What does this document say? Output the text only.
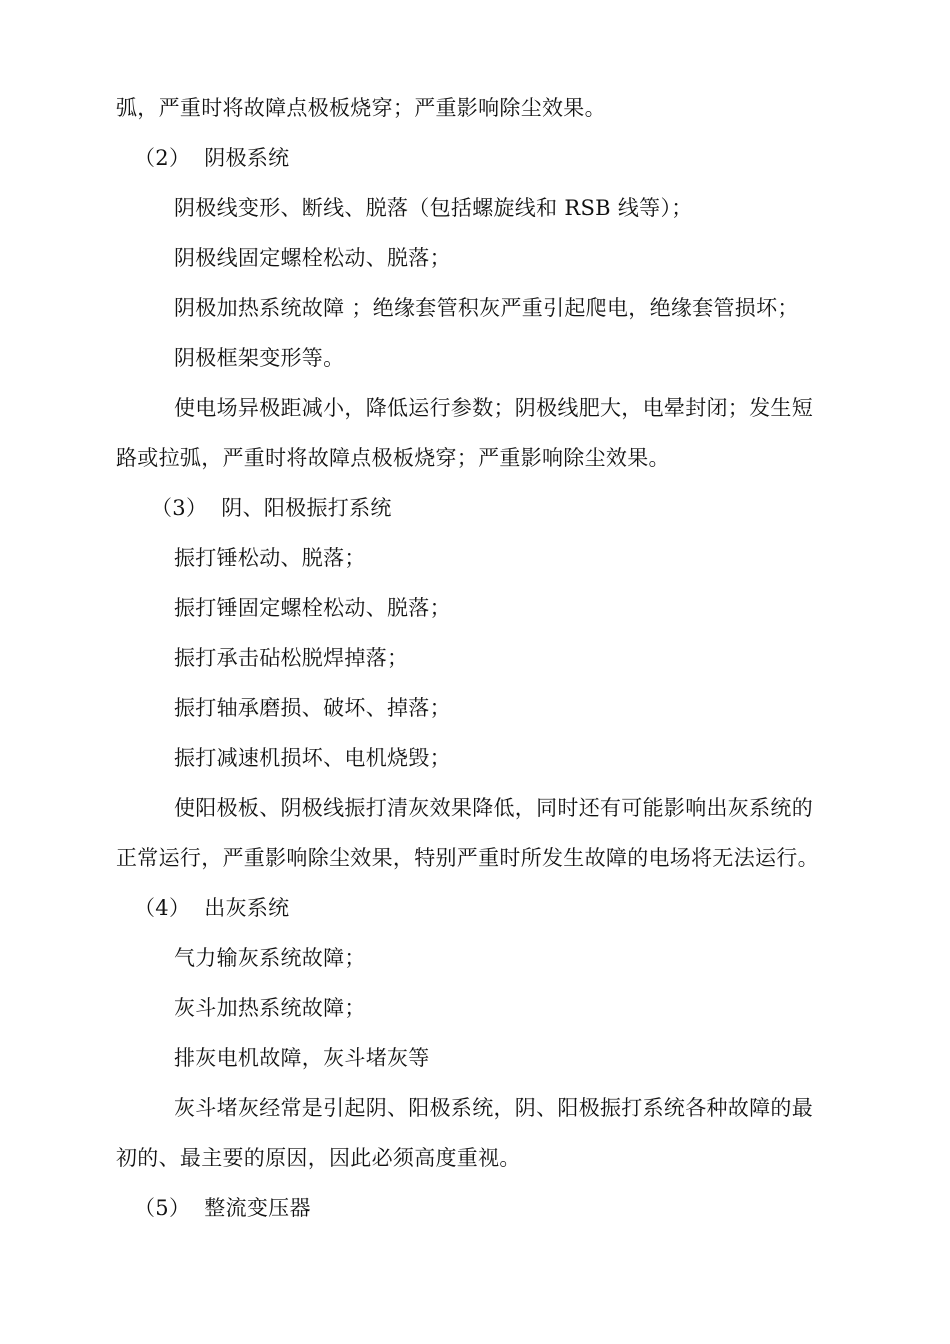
弧，严重时将故障点极板烧穿；严重影响除尘效果。
（2） 阴极系统
阴极线变形、断线、脱落（包括螺旋线和 RSB 线等）；
阴极线固定螺栓松动、脱落；
阴极加热系统故障 ；绝缘套管积灰严重引起爬电，绝缘套管损坏；
阴极框架变形等。
使电场异极距减小，降低运行参数；阴极线肥大，电晕封闭；发生短
路或拉弧，严重时将故障点极板烧穿；严重影响除尘效果。
（3） 阴、阳极振打系统
振打锤松动、脱落；
振打锤固定螺栓松动、脱落；
振打承击砧松脱焊掉落；
振打轴承磨损、破坏、掉落；
振打减速机损坏、电机烧毁；
使阳极板、阴极线振打清灰效果降低，同时还有可能影响出灰系统的
正常运行，严重影响除尘效果，特别严重时所发生故障的电场将无法运行。
（4） 出灰系统
气力输灰系统故障；
灰斗加热系统故障；
排灰电机故障，灰斗堵灰等
灰斗堵灰经常是引起阴、阳极系统，阴、阳极振打系统各种故障的最
初的、最主要的原因，因此必须高度重视。
（5） 整流变压器
